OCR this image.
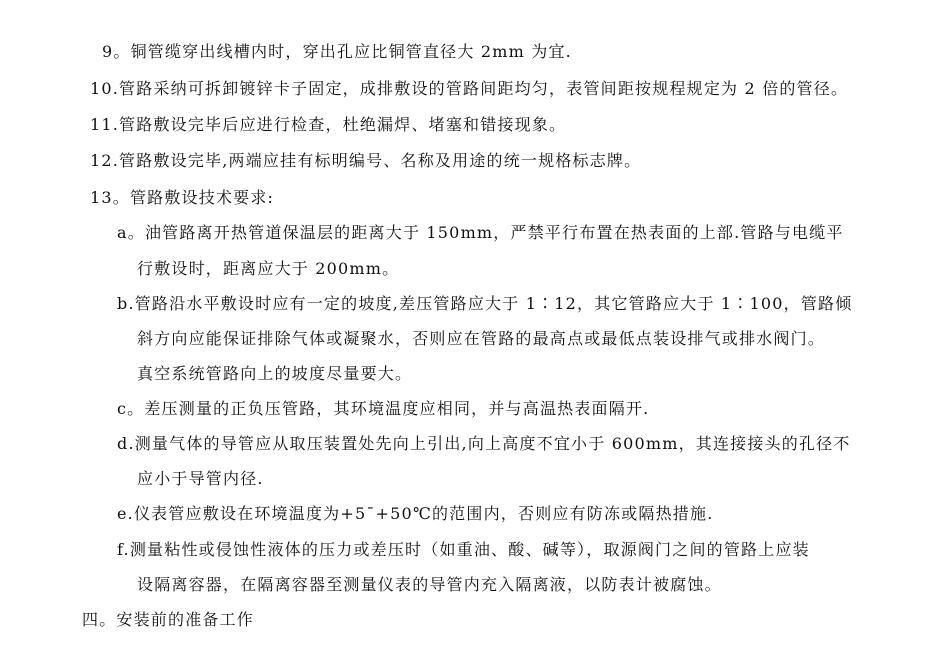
9。铜管缆穿出线槽内时，穿出孔应比铜管直径大 2mm 为宜.
10.管路采纳可拆卸镀锌卡子固定，成排敷设的管路间距均匀，表管间距按规程规定为 2 倍的管径。
11.管路敷设完毕后应进行检查，杜绝漏焊、堵塞和错接现象。
12.管路敷设完毕,两端应挂有标明编号、名称及用途的统一规格标志牌。
13。管路敷设技术要求:
a。油管路离开热管道保温层的距离大于 150mm，严禁平行布置在热表面的上部.管路与电缆平
行敷设时，距离应大于 200mm。
b.管路沿水平敷设时应有一定的坡度,差压管路应大于 1∶12，其它管路应大于 1∶100，管路倾
斜方向应能保证排除气体或凝聚水，否则应在管路的最高点或最低点装设排气或排水阀门。
真空系统管路向上的坡度尽量要大。
c。差压测量的正负压管路，其环境温度应相同，并与高温热表面隔开.
d.测量气体的导管应从取压装置处先向上引出,向上高度不宜小于 600mm，其连接接头的孔径不
应小于导管内径.
e.仪表管应敷设在环境温度为+5¯+50℃的范围内，否则应有防冻或隔热措施.
f.测量粘性或侵蚀性液体的压力或差压时（如重油、酸、碱等），取源阀门之间的管路上应装
设隔离容器，在隔离容器至测量仪表的导管内充入隔离液，以防表计被腐蚀。
四。安装前的准备工作
